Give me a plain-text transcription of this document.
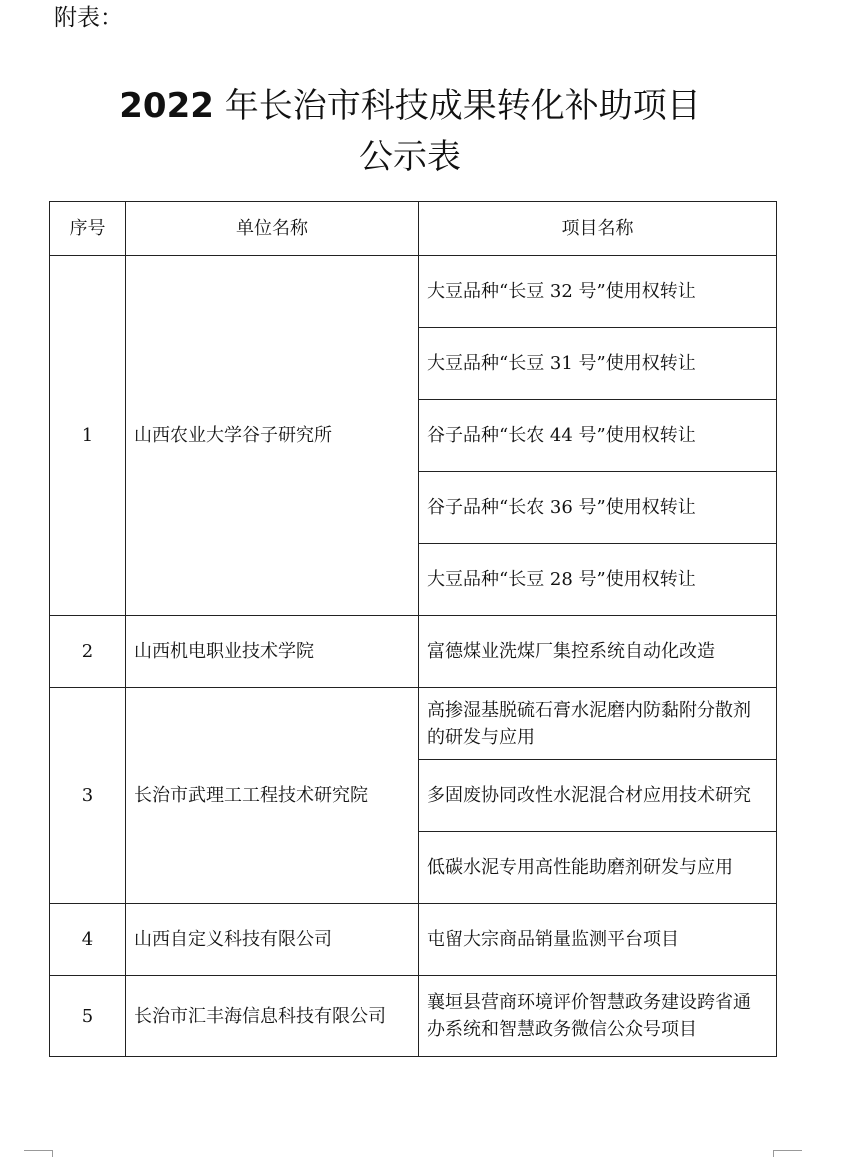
附表：
2022 年长治市科技成果转化补助项目
公示表
序号	单位名称	项目名称
1	山西农业大学谷子研究所	大豆品种“长豆 32 号”使用权转让
		大豆品种“长豆 31 号”使用权转让
		谷子品种“长农 44 号”使用权转让
		谷子品种“长农 36 号”使用权转让
		大豆品种“长豆 28 号”使用权转让
2	山西机电职业技术学院	富德煤业洗煤厂集控系统自动化改造
3	长治市武理工工程技术研究院	高掺湿基脱硫石膏水泥磨内防黏附分散剂的研发与应用
		多固废协同改性水泥混合材应用技术研究
		低碳水泥专用高性能助磨剂研发与应用
4	山西自定义科技有限公司	屯留大宗商品销量监测平台项目
5	长治市汇丰海信息科技有限公司	襄垣县营商环境评价智慧政务建设跨省通办系统和智慧政务微信公众号项目
